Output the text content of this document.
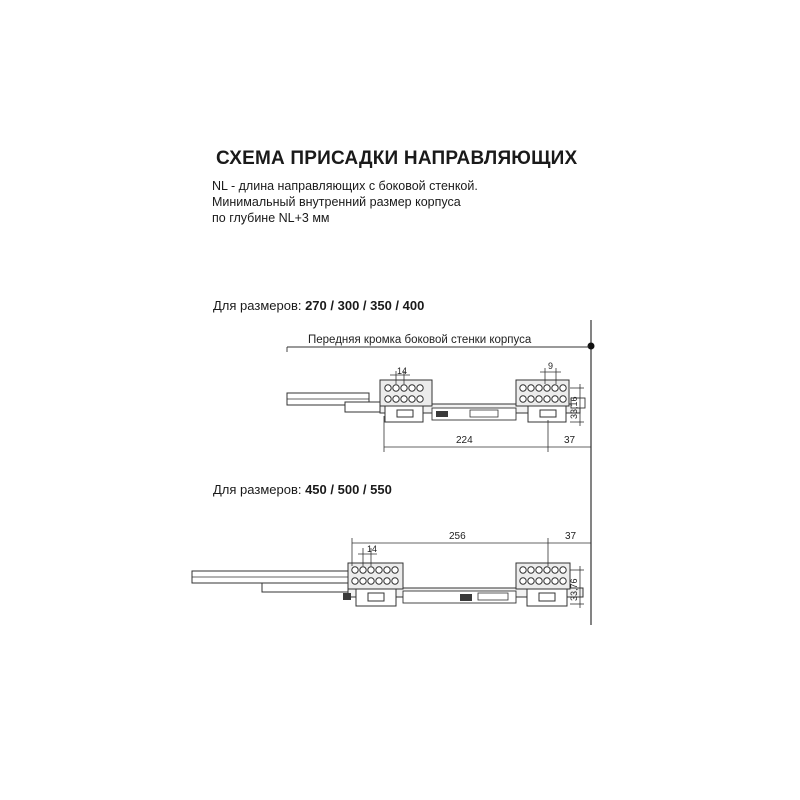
СХЕМА ПРИСАДКИ НАПРАВЛЯЮЩИХ
NL - длина направляющих с боковой стенкой.
Минимальный внутренний размер корпуса
по глубине NL+3 мм
Для размеров: 270 / 300 / 350 / 400
Для размеров: 450 / 500 / 550
Передняя кромка боковой стенки корпуса
14	9
33,16
224	37
14
256	37
33,76
